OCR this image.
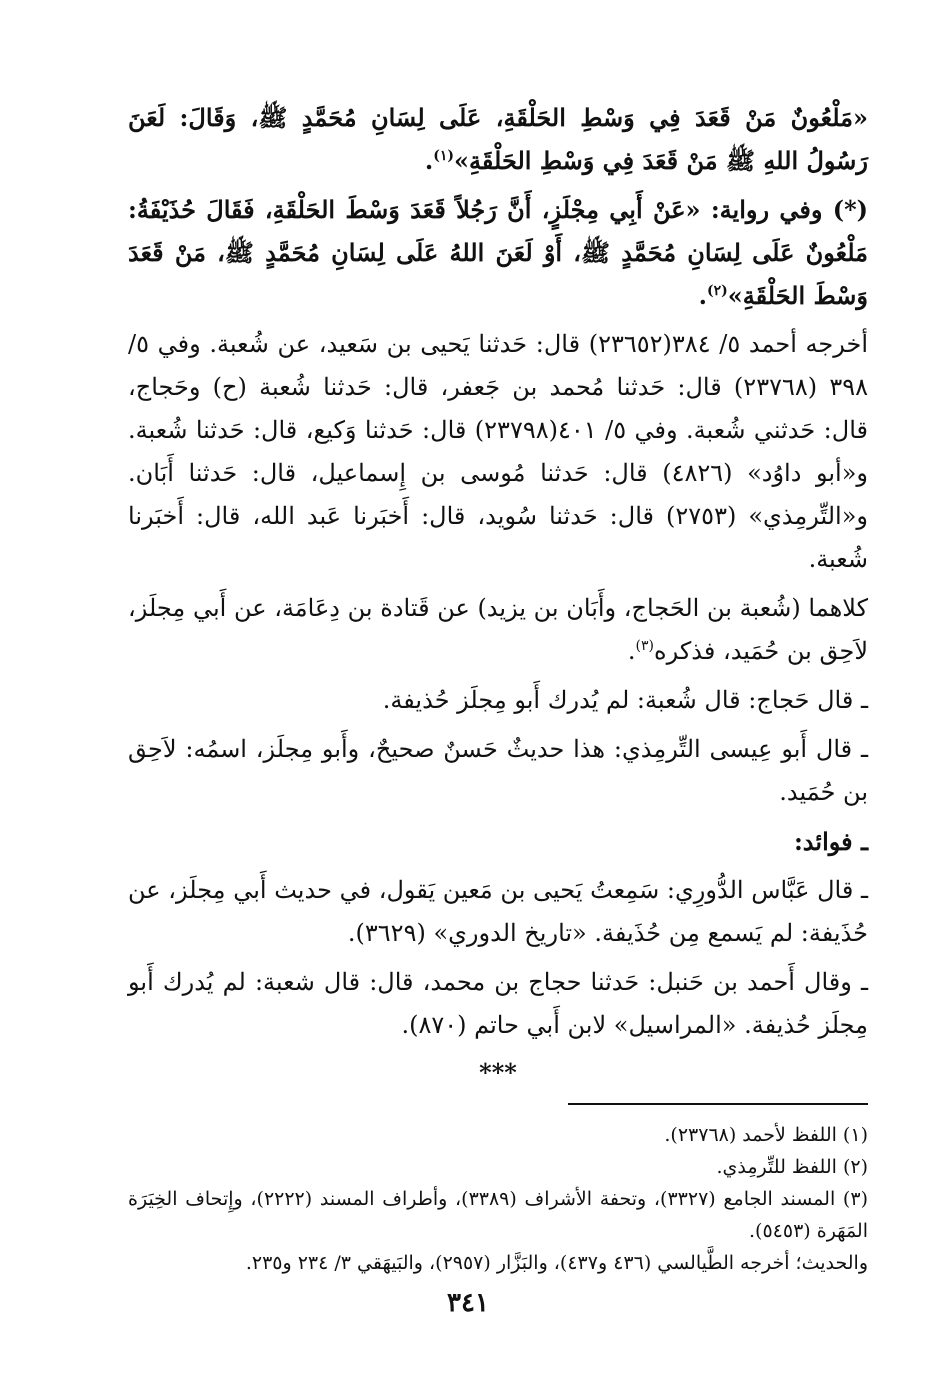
«مَلْعُونٌ مَنْ قَعَدَ فِي وَسْطِ الحَلْقَةِ، عَلَى لِسَانِ مُحَمَّدٍ ﷺ، وَقَالَ: لَعَنَ رَسُولُ اللهِ ﷺ مَنْ قَعَدَ فِي وَسْطِ الحَلْقَةِ»$^{(١)}$.

(*) وفي رواية: «عَنْ أَبِي مِجْلَزٍ، أَنَّ رَجُلاً قَعَدَ وَسْطَ الحَلْقَةِ، فَقَالَ حُذَيْفَةُ: مَلْعُونٌ عَلَى لِسَانِ مُحَمَّدٍ ﷺ، أَوْ لَعَنَ اللهُ عَلَى لِسَانِ مُحَمَّدٍ ﷺ، مَنْ قَعَدَ وَسْطَ الحَلْقَةِ»$^{(٢)}$.

أخرجه أحمد ٥/ ٣٨٤(٢٣٦٥٢) قال: حَدثنا يَحيى بن سَعيد، عن شُعبة. وفي ٥/ ٣٩٨ (٢٣٧٦٨) قال: حَدثنا مُحمد بن جَعفر، قال: حَدثنا شُعبة (ح) وحَجاج، قال: حَدثني شُعبة. وفي ٥/ ٤٠١(٢٣٧٩٨) قال: حَدثنا وَكيع، قال: حَدثنا شُعبة. و«أبو داوُد» (٤٨٢٦) قال: حَدثنا مُوسى بن إِسماعيل، قال: حَدثنا أَبَان. و«التِّرمِذي» (٢٧٥٣) قال: حَدثنا سُويد، قال: أَخبَرنا عَبد الله، قال: أَخبَرنا شُعبة.

كلاهما (شُعبة بن الحَجاج، وأَبَان بن يزيد) عن قَتادة بن دِعَامَة، عن أَبي مِجلَز، لاَحِق بن حُمَيد، فذكره$^{(٣)}$.

ـ قال حَجاج: قال شُعبة: لم يُدرك أَبو مِجلَز حُذيفة.

ـ قال أَبو عِيسى التِّرمِذي: هذا حديثٌ حَسنٌ صحيحٌ، وأَبو مِجلَز، اسمُه: لاَحِق بن حُمَيد.

ـ فوائد:

ـ قال عَبَّاس الدُّورِي: سَمِعتُ يَحيى بن مَعين يَقول، في حديث أَبي مِجلَز، عن حُذَيفة: لم يَسمع مِن حُذَيفة. «تاريخ الدوري» (٣٦٢٩).

ـ وقال أَحمد بن حَنبل: حَدثنا حجاج بن محمد، قال: قال شعبة: لم يُدرك أَبو مِجلَز حُذيفة. «المراسيل» لابن أَبي حاتم (٨٧٠).

***

(١) اللفظ لأحمد (٢٣٧٦٨).

(٢) اللفظ للتِّرمِذي.

(٣) المسند الجامع (٣٣٢٧)، وتحفة الأشراف (٣٣٨٩)، وأطراف المسند (٢٢٢٢)، وإِتحاف الخِيَرَة المَهَرة (٥٤٥٣).

والحديث؛ أخرجه الطَّيالسي (٤٣٦ و٤٣٧)، والبَزَّار (٢٩٥٧)، والبَيهَقي ٣/ ٢٣٤ و٢٣٥.

٣٤١
